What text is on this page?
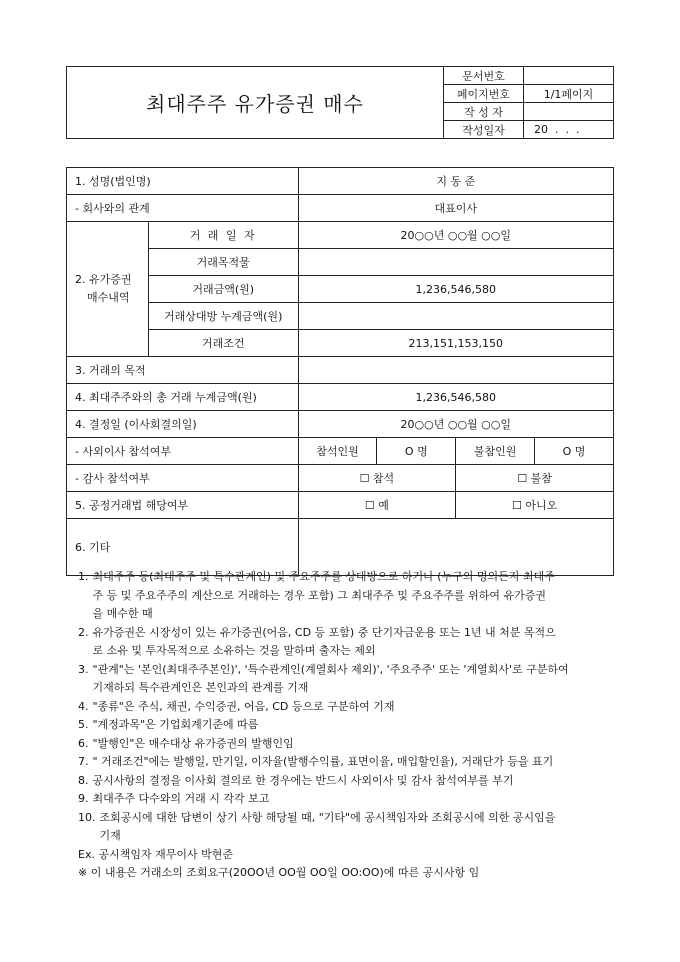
최대주주 유가증권 매수	문서번호	
	페이지번호	1/1페이지
	작 성 자	
	작성일자	20  .  .  .
1. 성명(법인명)		지 동 준			
- 회사와의 관계		대표이사			

2. 유가증권
매수내역	거 래 일 자	20○○년 ○○월 ○○일			
	거래목적물				
	거래금액(원)	1,236,546,580			
	거래상대방 누계금액(원)				
	거래조건	213,151,153,150			
3. 거래의 목적					
4. 최대주주와의 총 거래 누계금액(원)		1,236,546,580			
4. 결정일 (이사회결의일)		20○○년 ○○월 ○○일			
- 사외이사 참석여부		참석인원	O 명	불참인원	O 명
- 감사 참석여부		☐ 참석		☐ 불참	
5. 공정거래법 해당여부		☐ 예		☐ 아니오	
6. 기타					
1. 최대주주 등(최대주주 및 특수관계인) 및 주요주주를 상대방으로 하거나 (누구의 명의든지 최대주
주 등 및 주요주주의 계산으로 거래하는 경우 포함) 그 최대주주 및 주요주주를 위하여 유가증권
을 매수한 때
2. 유가증권은 시장성이 있는 유가증권(어음, CD 등 포함) 중 단기자금운용 또는 1년 내 처분 목적으
로 소유 및 투자목적으로 소유하는 것을 말하며 출자는 제외
3. "관계"는 '본인(최대주주본인)', '특수관계인(계열회사 제외)', '주요주주' 또는 '계열회사'로 구분하여
기재하되 특수관계인은 본인과의 관계를 기재
4. "종류"은 주식, 채권, 수익증권, 어음, CD 등으로 구분하여 기재
5. "계정과목"은 기업회계기준에 따름
6. "발행인"은 매수대상 유가증권의 발행인임
7. " 거래조건"에는 발행일, 만기일, 이자율(발행수익률, 표면이율, 매입할인율), 거래단가 등을 표기
8. 공시사항의 결정을 이사회 결의로 한 경우에는 반드시 사외이사 및 감사 참석여부를 부기
9. 최대주주 다수와의 거래 시 각각 보고
10. 조회공시에 대한 답변이 상기 사항 해당될 때, "기타"에 공시책임자와 조회공시에 의한 공시임을
기재
Ex. 공시책임자 재무이사 박현준
※ 이 내용은 거래소의 조회요구(20OO년 OO월 OO일 OO:OO)에 따른 공시사항 임
